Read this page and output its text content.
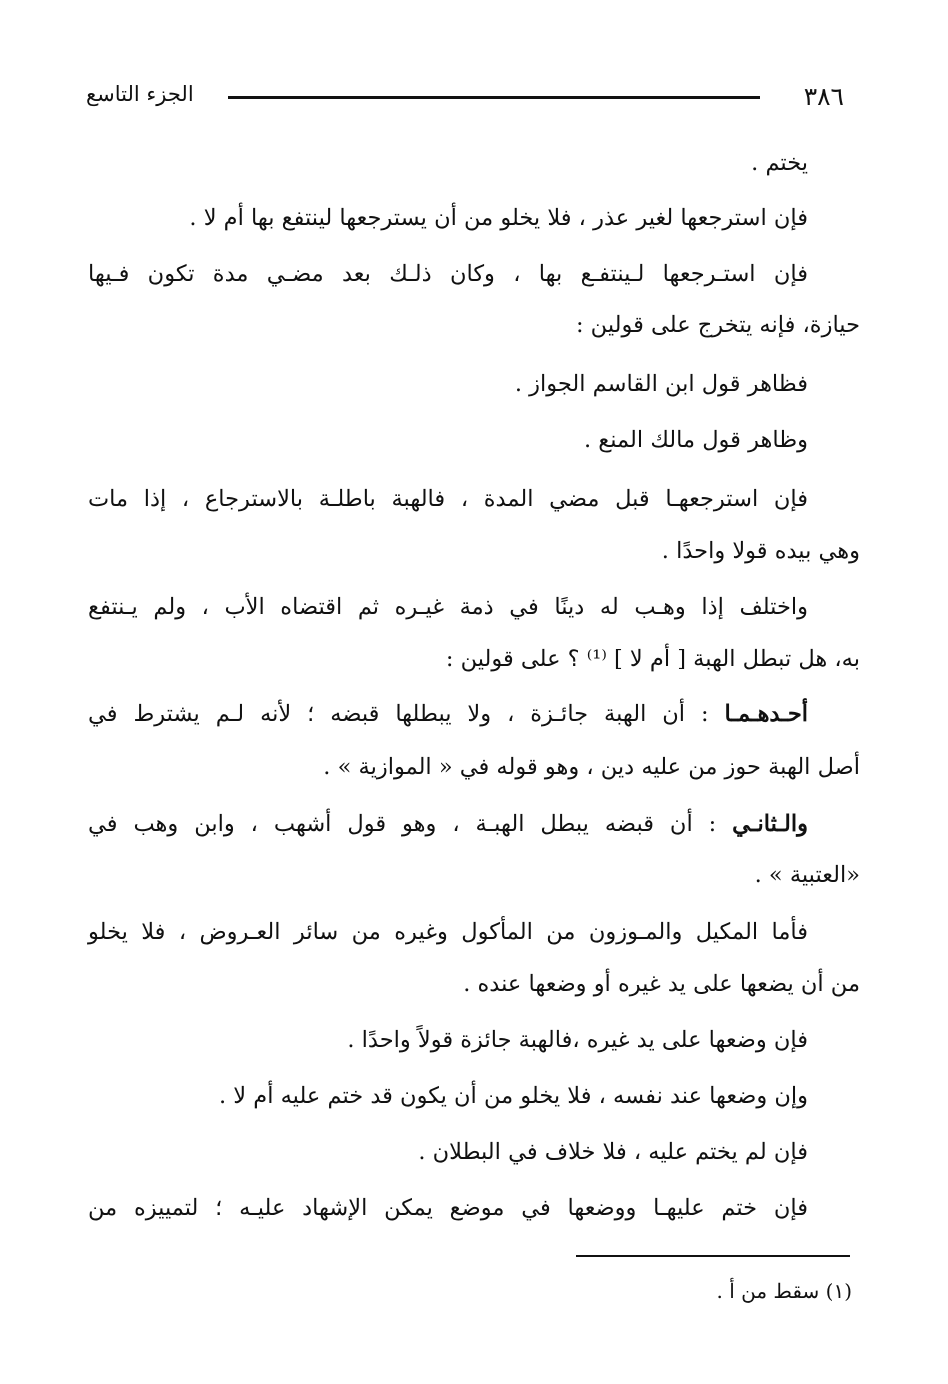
٣٨٦
الجزء التاسع
يختم .
فإن استرجعها لغير عذر ، فلا يخلو من أن يسترجعها لينتفع بها أم لا .
فإن استـرجعها لـينتفـع بها ، وكان ذلـك بعد مضـي مدة تكون فـيها
حيازة، فإنه يتخرج على قولين :
فظاهر قول ابن القاسم الجواز .
وظاهر قول مالك المنع .
فإن استرجعهـا قبل مضي المدة ، فالهبة باطلـة بالاسترجاع ، إذا مات
وهي بيده قولا واحدًا .
واختلف إذا وهـب له دينًا في ذمة غيـره ثم اقتضاه الأب ، ولم يـنتفع
به، هل تبطل الهبة [ أم لا ] ⁽¹⁾ ؟ على قولين :
أحـدهـمـا : أن الهبة جائـزة ، ولا يبطلها قبضه ؛ لأنه لـم يشترط في
أصل الهبة حوز من عليه دين ، وهو قوله في « الموازية » .
والـثانـي : أن قبضه يبطل الهبـة ، وهو قول أشهب ، وابن وهب في
«العتبية » .
فأما المكيل والمـوزون من المأكول وغيره من سائر العـروض ، فلا يخلو
من أن يضعها على يد غيره أو وضعها عنده .
فإن وضعها على يد غيره ،فالهبة جائزة قولاً واحدًا .
وإن وضعها عند نفسه ، فلا يخلو من أن يكون قد ختم عليه أم لا .
فإن لم يختم عليه ، فلا خلاف في البطلان .
فإن ختم عليهـا ووضعها في موضع يمكن الإشهاد عليـه ؛ لتمييزه من
(١) سقط من أ .
